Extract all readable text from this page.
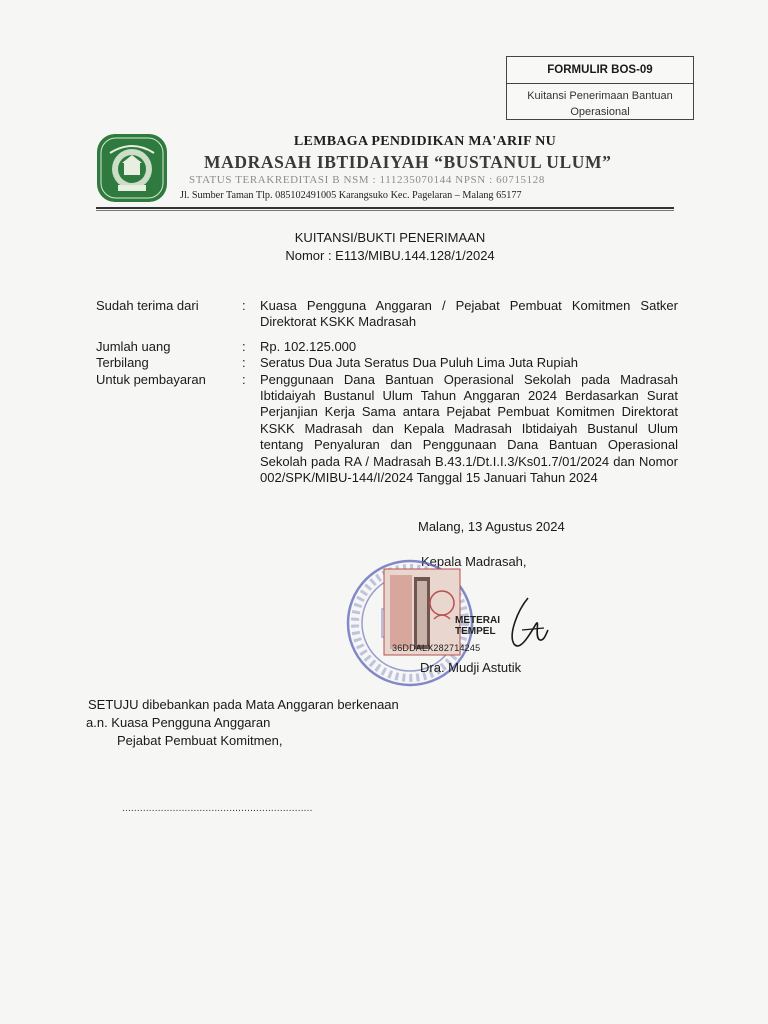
FORMULIR BOS-09
Kuitansi Penerimaan Bantuan
Operasional
LEMBAGA PENDIDIKAN MA'ARIF NU
MADRASAH IBTIDAIYAH “BUSTANUL ULUM”
STATUS TERAKREDITASI B NSM : 111235070144 NPSN : 60715128
Jl. Sumber Taman Tlp. 085102491005 Karangsuko Kec. Pagelaran – Malang 65177
KUITANSI/BUKTI PENERIMAAN
Nomor : E113/MIBU.144.128/1/2024
Sudah terima dari	:	Kuasa Pengguna Anggaran / Pejabat Pembuat Komitmen Satker Direktorat KSKK Madrasah
Jumlah uang	:	Rp. 102.125.000
Terbilang	:	Seratus Dua Juta Seratus Dua Puluh Lima Juta Rupiah
Untuk pembayaran	:	Penggunaan Dana Bantuan Operasional Sekolah pada Madrasah Ibtidaiyah Bustanul Ulum Tahun Anggaran 2024 Berdasarkan Surat Perjanjian Kerja Sama antara Pejabat Pembuat Komitmen Direktorat KSKK Madrasah dan Kepala Madrasah Ibtidaiyah Bustanul Ulum tentang Penyaluran dan Penggunaan Dana Bantuan Operasional Sekolah pada RA / Madrasah B.43.1/Dt.I.I.3/Ks01.7/01/2024 dan Nomor 002/SPK/MIBU-144/I/2024 Tanggal 15 Januari Tahun 2024
Malang, 13 Agustus 2024
Kepala Madrasah,
METERAI
TEMPEL
36DDALX282714245
Dra. Mudji Astutik
SETUJU dibebankan pada Mata Anggaran berkenaan
a.n. Kuasa Pengguna Anggaran
Pejabat Pembuat Komitmen,
................................................................
